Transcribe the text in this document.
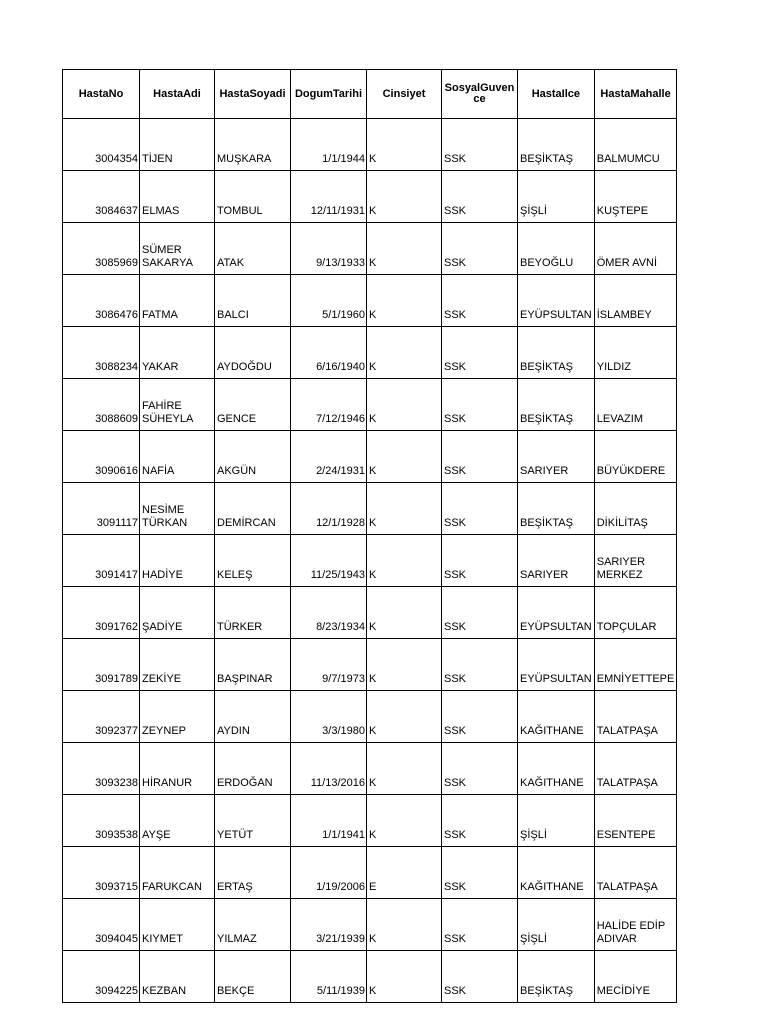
HastaNo	HastaAdi	HastaSoyadi	DogumTarihi	Cinsiyet	SosyalGuvence	HastaIlce	HastaMahalle
3004354	TİJEN	MUŞKARA	1/1/1944	K	SSK	BEŞİKTAŞ	BALMUMCU
3084637	ELMAS	TOMBUL	12/11/1931	K	SSK	ŞİŞLİ	KUŞTEPE
3085969	SÜMER SAKARYA	ATAK	9/13/1933	K	SSK	BEYOĞLU	ÖMER AVNİ
3086476	FATMA	BALCI	5/1/1960	K	SSK	EYÜPSULTAN	İSLAMBEY
3088234	YAKAR	AYDOĞDU	6/16/1940	K	SSK	BEŞİKTAŞ	YILDIZ
3088609	FAHİRE SÜHEYLA	GENCE	7/12/1946	K	SSK	BEŞİKTAŞ	LEVAZIM
3090616	NAFİA	AKGÜN	2/24/1931	K	SSK	SARIYER	BÜYÜKDERE
3091117	NESİME TÜRKAN	DEMİRCAN	12/1/1928	K	SSK	BEŞİKTAŞ	DİKİLİTAŞ
3091417	HADİYE	KELEŞ	11/25/1943	K	SSK	SARIYER	SARIYER MERKEZ
3091762	ŞADİYE	TÜRKER	8/23/1934	K	SSK	EYÜPSULTAN	TOPÇULAR
3091789	ZEKİYE	BAŞPINAR	9/7/1973	K	SSK	EYÜPSULTAN	EMNİYETTEPE
3092377	ZEYNEP	AYDIN	3/3/1980	K	SSK	KAĞITHANE	TALATPAŞA
3093238	HİRANUR	ERDOĞAN	11/13/2016	K	SSK	KAĞITHANE	TALATPAŞA
3093538	AYŞE	YETÜT	1/1/1941	K	SSK	ŞİŞLİ	ESENTEPE
3093715	FARUKCAN	ERTAŞ	1/19/2006	E	SSK	KAĞITHANE	TALATPAŞA
3094045	KIYMET	YILMAZ	3/21/1939	K	SSK	ŞİŞLİ	HALİDE EDİP ADIVAR
3094225	KEZBAN	BEKÇE	5/11/1939	K	SSK	BEŞİKTAŞ	MECİDİYE
